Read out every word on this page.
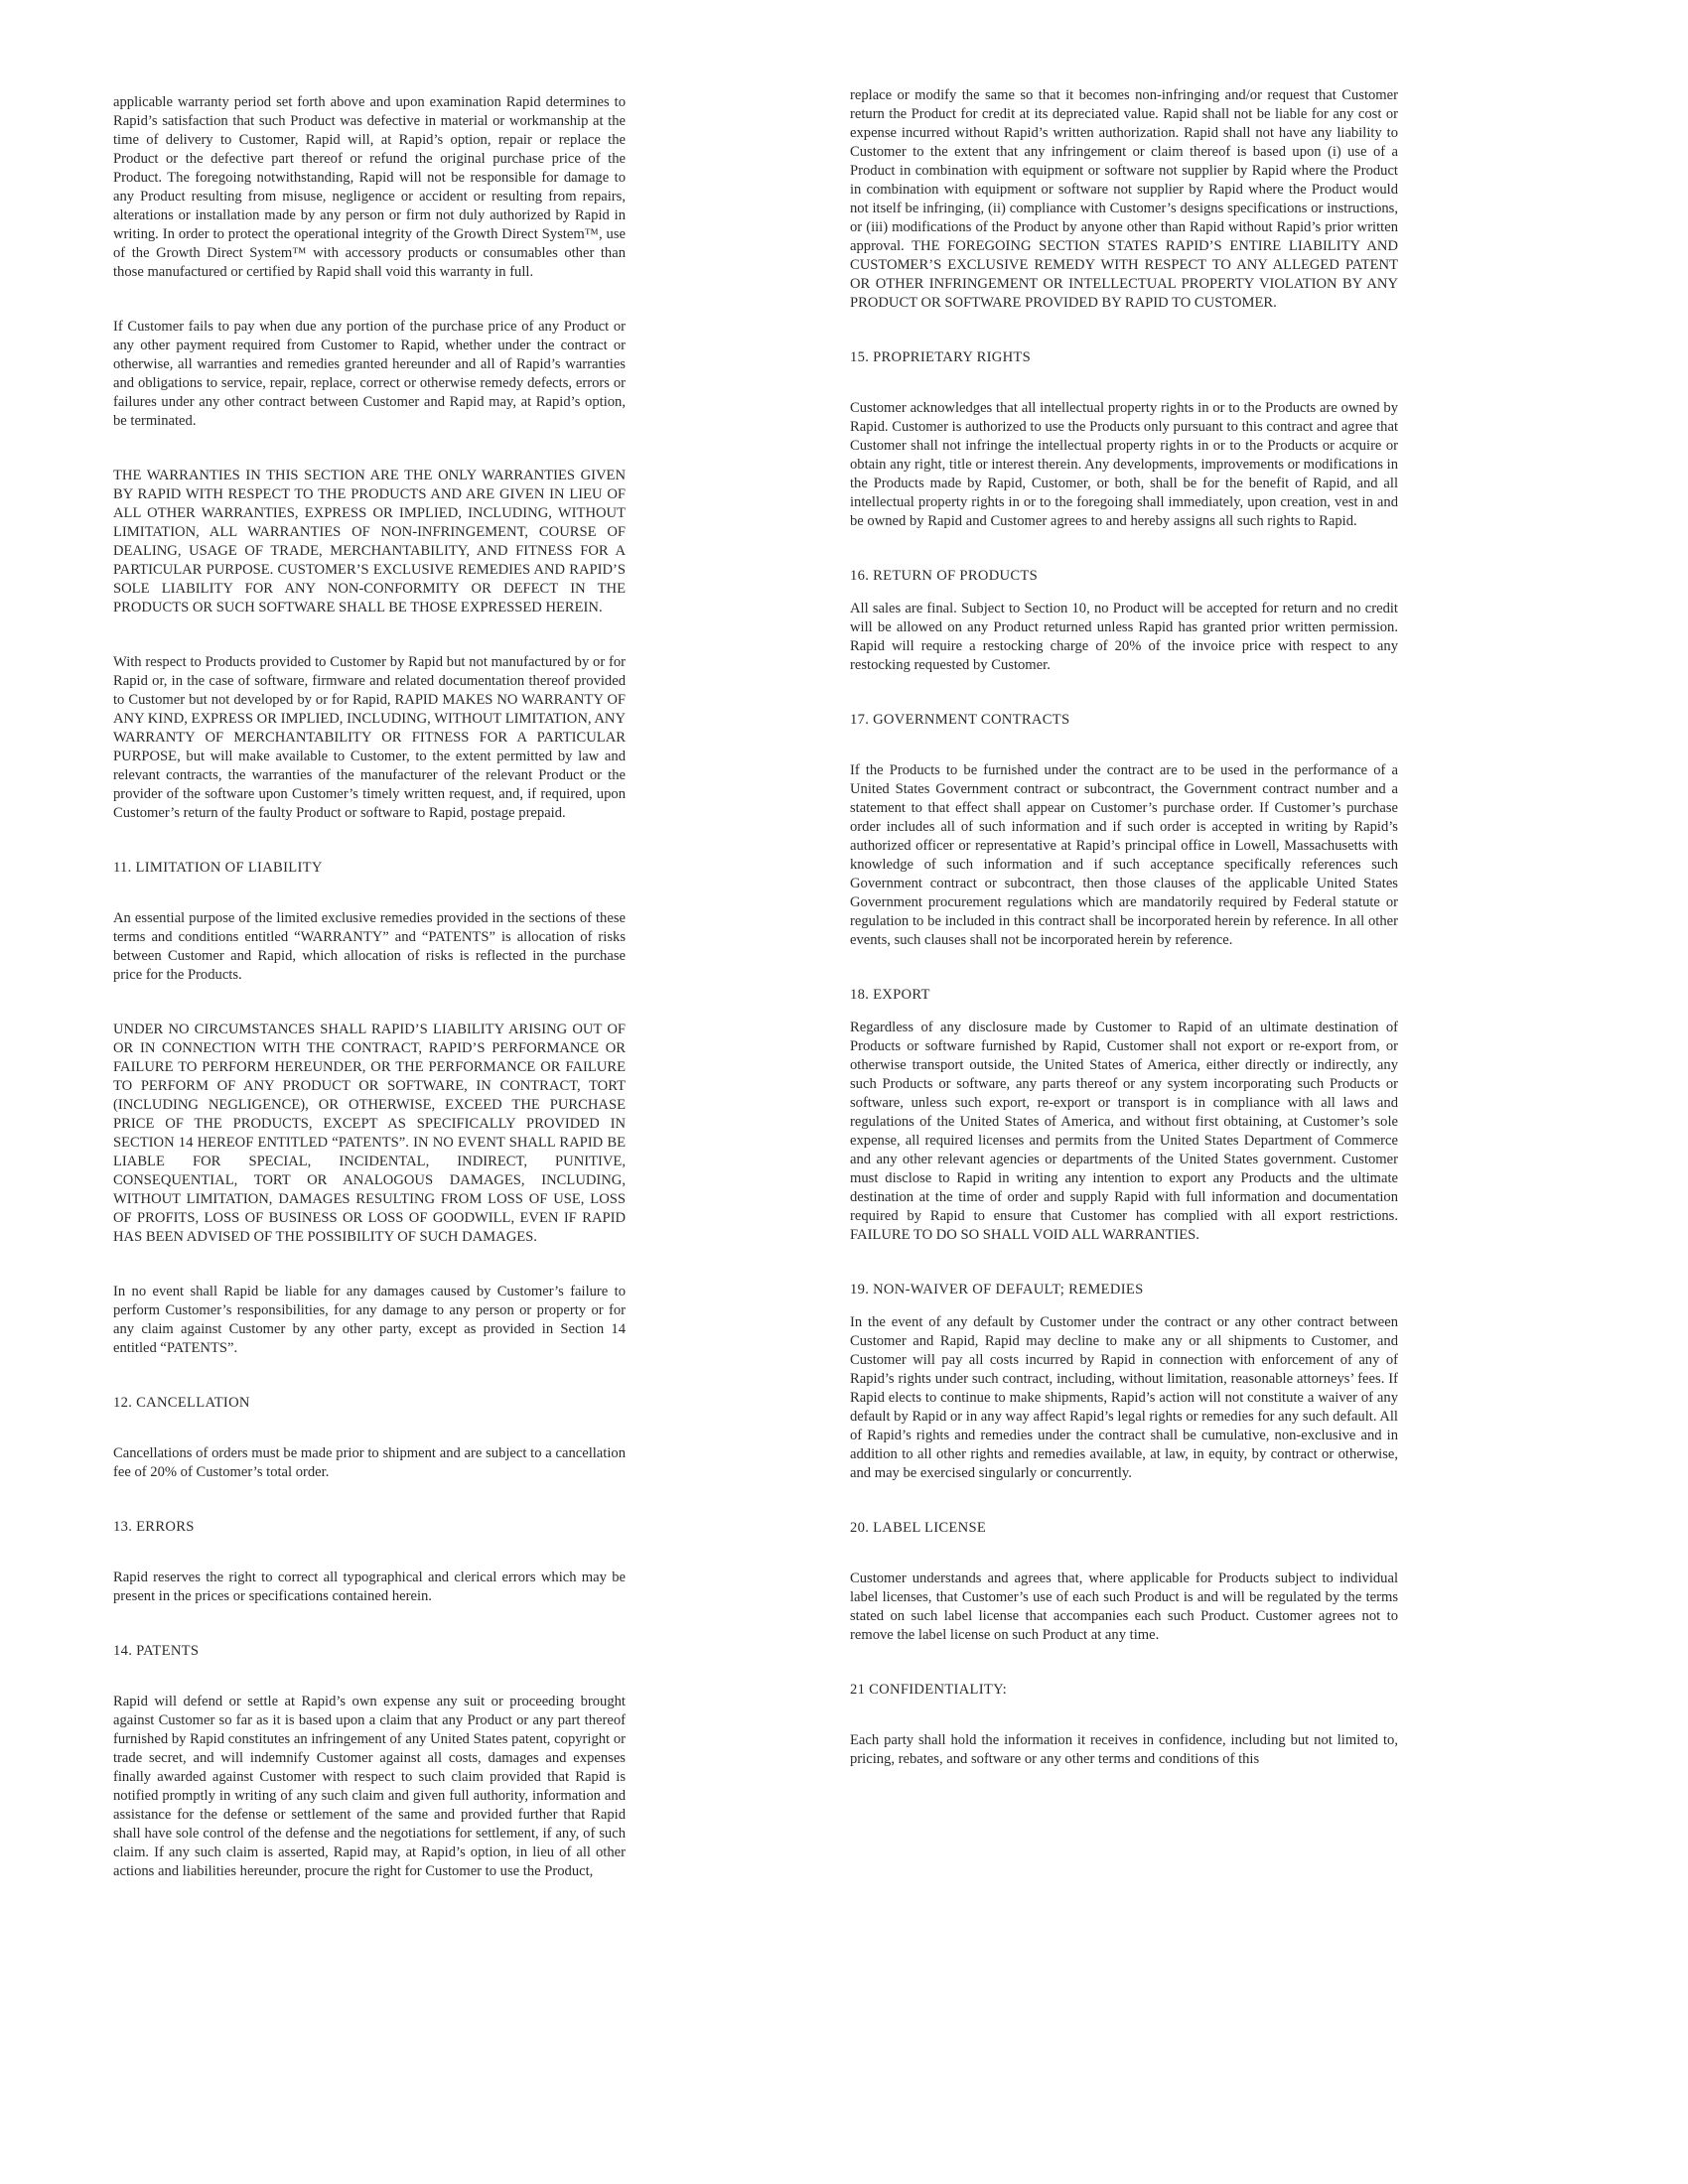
applicable warranty period set forth above and upon examination Rapid determines to Rapid’s satisfaction that such Product was defective in material or workmanship at the time of delivery to Customer, Rapid will, at Rapid’s option, repair or replace the Product or the defective part thereof or refund the original purchase price of the Product. The foregoing notwithstanding, Rapid will not be responsible for damage to any Product resulting from misuse, negligence or accident or resulting from repairs, alterations or installation made by any person or firm not duly authorized by Rapid in writing. In order to protect the operational integrity of the Growth Direct System™, use of the Growth Direct System™ with accessory products or consumables other than those manufactured or certified by Rapid shall void this warranty in full.
If Customer fails to pay when due any portion of the purchase price of any Product or any other payment required from Customer to Rapid, whether under the contract or otherwise, all warranties and remedies granted hereunder and all of Rapid’s warranties and obligations to service, repair, replace, correct or otherwise remedy defects, errors or failures under any other contract between Customer and Rapid may, at Rapid’s option, be terminated.
THE WARRANTIES IN THIS SECTION ARE THE ONLY WARRANTIES GIVEN BY RAPID WITH RESPECT TO THE PRODUCTS AND ARE GIVEN IN LIEU OF ALL OTHER WARRANTIES, EXPRESS OR IMPLIED, INCLUDING, WITHOUT LIMITATION, ALL WARRANTIES OF NON-INFRINGEMENT, COURSE OF DEALING, USAGE OF TRADE, MERCHANTABILITY, AND FITNESS FOR A PARTICULAR PURPOSE. CUSTOMER’S EXCLUSIVE REMEDIES AND RAPID’S SOLE LIABILITY FOR ANY NON-CONFORMITY OR DEFECT IN THE PRODUCTS OR SUCH SOFTWARE SHALL BE THOSE EXPRESSED HEREIN.
With respect to Products provided to Customer by Rapid but not manufactured by or for Rapid or, in the case of software, firmware and related documentation thereof provided to Customer but not developed by or for Rapid, RAPID MAKES NO WARRANTY OF ANY KIND, EXPRESS OR IMPLIED, INCLUDING, WITHOUT LIMITATION, ANY WARRANTY OF MERCHANTABILITY OR FITNESS FOR A PARTICULAR PURPOSE, but will make available to Customer, to the extent permitted by law and relevant contracts, the warranties of the manufacturer of the relevant Product or the provider of the software upon Customer’s timely written request, and, if required, upon Customer’s return of the faulty Product or software to Rapid, postage prepaid.
11. LIMITATION OF LIABILITY
An essential purpose of the limited exclusive remedies provided in the sections of these terms and conditions entitled “WARRANTY” and “PATENTS” is allocation of risks between Customer and Rapid, which allocation of risks is reflected in the purchase price for the Products.
UNDER NO CIRCUMSTANCES SHALL RAPID’S LIABILITY ARISING OUT OF OR IN CONNECTION WITH THE CONTRACT, RAPID’S PERFORMANCE OR FAILURE TO PERFORM HEREUNDER, OR THE PERFORMANCE OR FAILURE TO PERFORM OF ANY PRODUCT OR SOFTWARE, IN CONTRACT, TORT (INCLUDING NEGLIGENCE), OR OTHERWISE, EXCEED THE PURCHASE PRICE OF THE PRODUCTS, EXCEPT AS SPECIFICALLY PROVIDED IN SECTION 14 HEREOF ENTITLED “PATENTS”. IN NO EVENT SHALL RAPID BE LIABLE FOR SPECIAL, INCIDENTAL, INDIRECT, PUNITIVE, CONSEQUENTIAL, TORT OR ANALOGOUS DAMAGES, INCLUDING, WITHOUT LIMITATION, DAMAGES RESULTING FROM LOSS OF USE, LOSS OF PROFITS, LOSS OF BUSINESS OR LOSS OF GOODWILL, EVEN IF RAPID HAS BEEN ADVISED OF THE POSSIBILITY OF SUCH DAMAGES.
In no event shall Rapid be liable for any damages caused by Customer’s failure to perform Customer’s responsibilities, for any damage to any person or property or for any claim against Customer by any other party, except as provided in Section 14 entitled “PATENTS”.
12. CANCELLATION
Cancellations of orders must be made prior to shipment and are subject to a cancellation fee of 20% of Customer’s total order.
13. ERRORS
Rapid reserves the right to correct all typographical and clerical errors which may be present in the prices or specifications contained herein.
14. PATENTS
Rapid will defend or settle at Rapid’s own expense any suit or proceeding brought against Customer so far as it is based upon a claim that any Product or any part thereof furnished by Rapid constitutes an infringement of any United States patent, copyright or trade secret, and will indemnify Customer against all costs, damages and expenses finally awarded against Customer with respect to such claim provided that Rapid is notified promptly in writing of any such claim and given full authority, information and assistance for the defense or settlement of the same and provided further that Rapid shall have sole control of the defense and the negotiations for settlement, if any, of such claim. If any such claim is asserted, Rapid may, at Rapid’s option, in lieu of all other actions and liabilities hereunder, procure the right for Customer to use the Product,
replace or modify the same so that it becomes non-infringing and/or request that Customer return the Product for credit at its depreciated value. Rapid shall not be liable for any cost or expense incurred without Rapid’s written authorization. Rapid shall not have any liability to Customer to the extent that any infringement or claim thereof is based upon (i) use of a Product in combination with equipment or software not supplier by Rapid where the Product in combination with equipment or software not supplier by Rapid where the Product would not itself be infringing, (ii) compliance with Customer’s designs specifications or instructions, or (iii) modifications of the Product by anyone other than Rapid without Rapid’s prior written approval. THE FOREGOING SECTION STATES RAPID’S ENTIRE LIABILITY AND CUSTOMER’S EXCLUSIVE REMEDY WITH RESPECT TO ANY ALLEGED PATENT OR OTHER INFRINGEMENT OR INTELLECTUAL PROPERTY VIOLATION BY ANY PRODUCT OR SOFTWARE PROVIDED BY RAPID TO CUSTOMER.
15. PROPRIETARY RIGHTS
Customer acknowledges that all intellectual property rights in or to the Products are owned by Rapid. Customer is authorized to use the Products only pursuant to this contract and agree that Customer shall not infringe the intellectual property rights in or to the Products or acquire or obtain any right, title or interest therein. Any developments, improvements or modifications in the Products made by Rapid, Customer, or both, shall be for the benefit of Rapid, and all intellectual property rights in or to the foregoing shall immediately, upon creation, vest in and be owned by Rapid and Customer agrees to and hereby assigns all such rights to Rapid.
16. RETURN OF PRODUCTS
All sales are final. Subject to Section 10, no Product will be accepted for return and no credit will be allowed on any Product returned unless Rapid has granted prior written permission. Rapid will require a restocking charge of 20% of the invoice price with respect to any restocking requested by Customer.
17. GOVERNMENT CONTRACTS
If the Products to be furnished under the contract are to be used in the performance of a United States Government contract or subcontract, the Government contract number and a statement to that effect shall appear on Customer’s purchase order. If Customer’s purchase order includes all of such information and if such order is accepted in writing by Rapid’s authorized officer or representative at Rapid’s principal office in Lowell, Massachusetts with knowledge of such information and if such acceptance specifically references such Government contract or subcontract, then those clauses of the applicable United States Government procurement regulations which are mandatorily required by Federal statute or regulation to be included in this contract shall be incorporated herein by reference. In all other events, such clauses shall not be incorporated herein by reference.
18. EXPORT
Regardless of any disclosure made by Customer to Rapid of an ultimate destination of Products or software furnished by Rapid, Customer shall not export or re-export from, or otherwise transport outside, the United States of America, either directly or indirectly, any such Products or software, any parts thereof or any system incorporating such Products or software, unless such export, re-export or transport is in compliance with all laws and regulations of the United States of America, and without first obtaining, at Customer’s sole expense, all required licenses and permits from the United States Department of Commerce and any other relevant agencies or departments of the United States government. Customer must disclose to Rapid in writing any intention to export any Products and the ultimate destination at the time of order and supply Rapid with full information and documentation required by Rapid to ensure that Customer has complied with all export restrictions. FAILURE TO DO SO SHALL VOID ALL WARRANTIES.
19. NON-WAIVER OF DEFAULT; REMEDIES
In the event of any default by Customer under the contract or any other contract between Customer and Rapid, Rapid may decline to make any or all shipments to Customer, and Customer will pay all costs incurred by Rapid in connection with enforcement of any of Rapid’s rights under such contract, including, without limitation, reasonable attorneys’ fees. If Rapid elects to continue to make shipments, Rapid’s action will not constitute a waiver of any default by Rapid or in any way affect Rapid’s legal rights or remedies for any such default. All of Rapid’s rights and remedies under the contract shall be cumulative, non-exclusive and in addition to all other rights and remedies available, at law, in equity, by contract or otherwise, and may be exercised singularly or concurrently.
20. LABEL LICENSE
Customer understands and agrees that, where applicable for Products subject to individual label licenses, that Customer’s use of each such Product is and will be regulated by the terms stated on such label license that accompanies each such Product. Customer agrees not to remove the label license on such Product at any time.
21 CONFIDENTIALITY:
Each party shall hold the information it receives in confidence, including but not limited to, pricing, rebates, and software or any other terms and conditions of this
